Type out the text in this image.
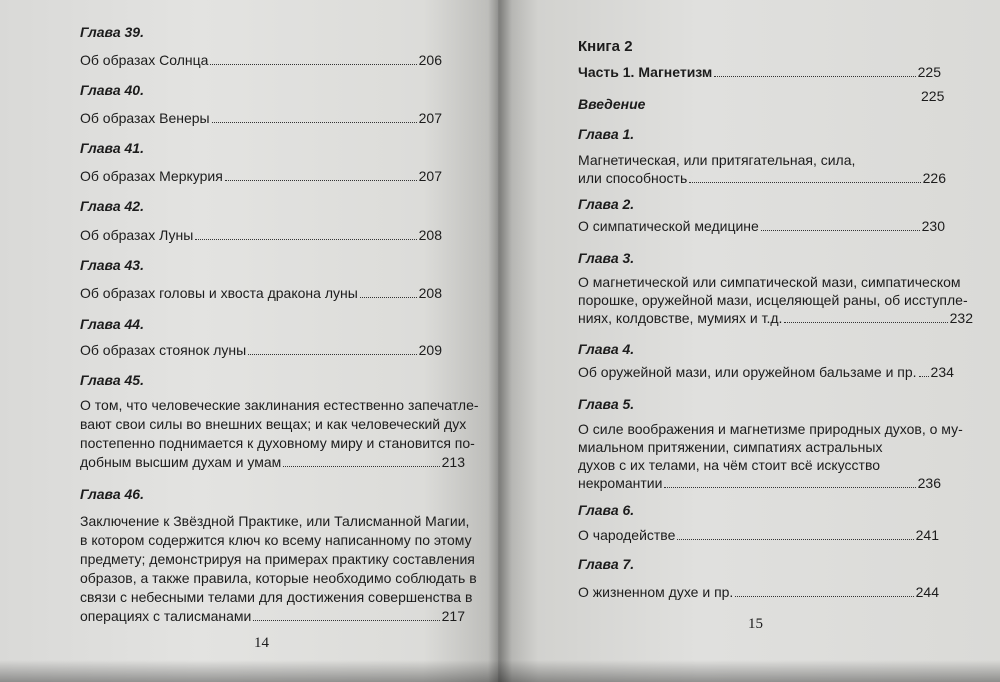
Глава 39.
Об образах Солнца	206
Глава 40.
Об образах Венеры	207
Глава 41.
Об образах Меркурия	207
Глава 42.
Об образах Луны	208
Глава 43.
Об образах головы и хвоста дракона луны	208
Глава 44.
Об образах стоянок луны	209
Глава 45.
О том, что человеческие заклинания естественно запечатле-
вают свои силы во внешних вещах; и как человеческий дух
постепенно поднимается к духовному миру и становится по-
добным высшим духам и умам	213
Глава 46.
Заключение к Звёздной Практике, или Талисманной Магии,
в котором содержится ключ ко всему написанному по этому
предмету; демонстрируя на примерах практику составления
образов, а также правила, которые необходимо соблюдать в
связи с небесными телами для достижения совершенства в
операциях с талисманами	217
14
Книга 2
Часть 1. Магнетизм	225
Введение	225
Глава 1.
Магнетическая, или притягательная, сила,
или способность	226
Глава 2.
О симпатической медицине	230
Глава 3.
О магнетической или симпатической мази, симпатическом
порошке, оружейной мази, исцеляющей раны, об исступле-
ниях, колдовстве, мумиях и т.д.	232
Глава 4.
Об оружейной мази, или оружейном бальзаме и пр. 234
Глава 5.
О силе воображения и магнетизме природных духов, о му-
миальном притяжении, симпатиях астральных
духов с их телами, на чём стоит всё искусство
некромантии	236
Глава 6.
О чародействе	241
Глава 7.
О жизненном духе и пр.	244
15
